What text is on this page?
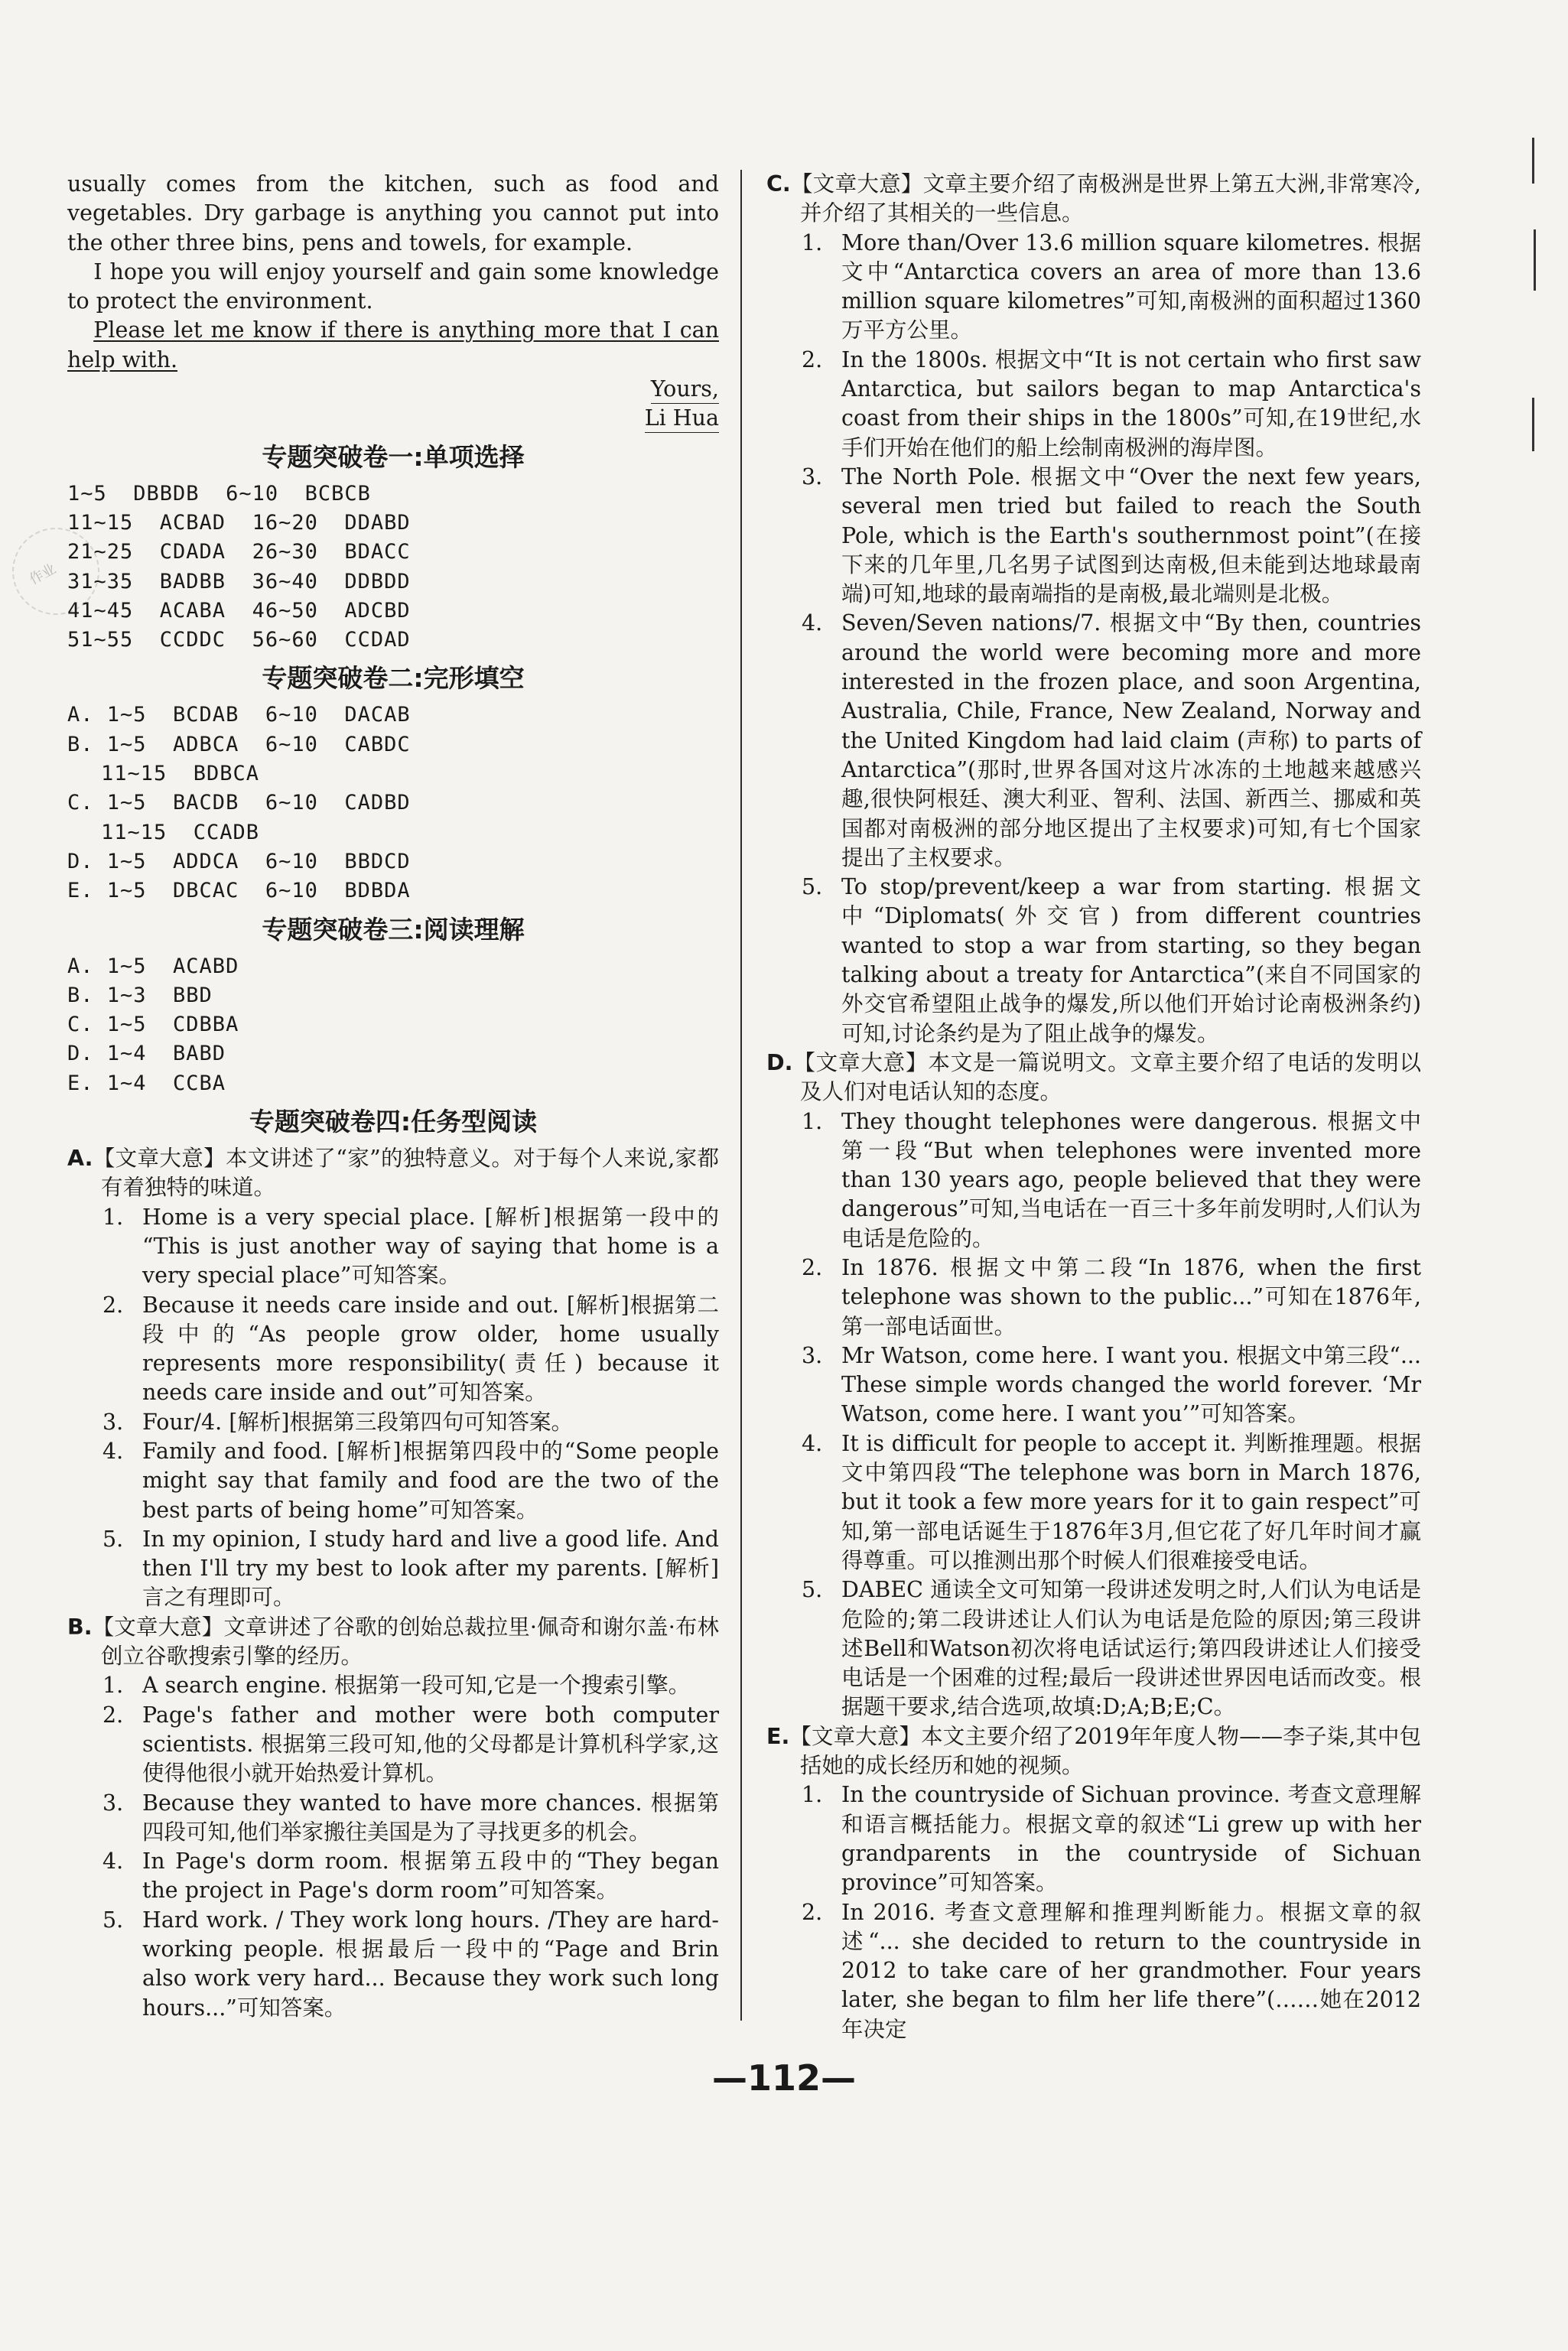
作业

usually comes from the kitchen, such as food and vegetables. Dry garbage is anything you cannot put into the other three bins, pens and towels, for example.

I hope you will enjoy yourself and gain some knowledge to protect the environment.

Please let me know if there is anything more that I can help with.

Yours,
Li Hua
专题突破卷一:单项选择
1~5  DBBDB  6~10  BCBCB
11~15  ACBAD  16~20  DDABD
21~25  CDADA  26~30  BDACC
31~35  BADBB  36~40  DDBDD
41~45  ACABA  46~50  ADCBD
51~55  CCDDC  56~60  CCDAD
专题突破卷二:完形填空
A. 1~5  BCDAB  6~10  DACAB
B. 1~5  ADBCA  6~10  CABDC
11~15  BDBCA
C. 1~5  BACDB  6~10  CADBD
11~15  CCADB
D. 1~5  ADDCA  6~10  BBDCD
E. 1~5  DBCAC  6~10  BDBDA
专题突破卷三:阅读理解
A. 1~5  ACABD
B. 1~3  BBD
C. 1~5  CDBBA
D. 1~4  BABD
E. 1~4  CCBA
专题突破卷四:任务型阅读

A.【文章大意】本文讲述了“家”的独特意义。对于每个人来说,家都有着独特的味道。

1. Home is a very special place. [解析]根据第一段中的 “This is just another way of saying that home is a very special place”可知答案。
2. Because it needs care inside and out. [解析]根据第二段中的“As people grow older, home usually represents more responsibility(责任) because it needs care inside and out”可知答案。
3. Four/4. [解析]根据第三段第四句可知答案。
4. Family and food. [解析]根据第四段中的“Some people might say that family and food are the two of the best parts of being home”可知答案。
5. In my opinion, I study hard and live a good life. And then I'll try my best to look after my parents. [解析]言之有理即可。

B.【文章大意】文章讲述了谷歌的创始总裁拉里·佩奇和谢尔盖·布林创立谷歌搜索引擎的经历。

1. A search engine. 根据第一段可知,它是一个搜索引擎。
2. Page's father and mother were both computer scientists. 根据第三段可知,他的父母都是计算机科学家,这使得他很小就开始热爱计算机。
3. Because they wanted to have more chances. 根据第四段可知,他们举家搬往美国是为了寻找更多的机会。
4. In Page's dorm room. 根据第五段中的“They began the project in Page's dorm room”可知答案。
5. Hard work. / They work long hours. /They are hard-working people. 根据最后一段中的“Page and Brin also work very hard... Because they work such long hours...”可知答案。

C.【文章大意】文章主要介绍了南极洲是世界上第五大洲,非常寒冷,并介绍了其相关的一些信息。

1. More than/Over 13.6 million square kilometres. 根据文中“Antarctica covers an area of more than 13.6 million square kilometres”可知,南极洲的面积超过1360万平方公里。
2. In the 1800s. 根据文中“It is not certain who first saw Antarctica, but sailors began to map Antarctica's coast from their ships in the 1800s”可知,在19世纪,水手们开始在他们的船上绘制南极洲的海岸图。
3. The North Pole. 根据文中“Over the next few years, several men tried but failed to reach the South Pole, which is the Earth's southernmost point”(在接下来的几年里,几名男子试图到达南极,但未能到达地球最南端)可知,地球的最南端指的是南极,最北端则是北极。
4. Seven/Seven nations/7. 根据文中“By then, countries around the world were becoming more and more interested in the frozen place, and soon Argentina, Australia, Chile, France, New Zealand, Norway and the United Kingdom had laid claim (声称) to parts of Antarctica”(那时,世界各国对这片冰冻的土地越来越感兴趣,很快阿根廷、澳大利亚、智利、法国、新西兰、挪威和英国都对南极洲的部分地区提出了主权要求)可知,有七个国家提出了主权要求。
5. To stop/prevent/keep a war from starting. 根据文中“Diplomats(外交官) from different countries wanted to stop a war from starting, so they began talking about a treaty for Antarctica”(来自不同国家的外交官希望阻止战争的爆发,所以他们开始讨论南极洲条约)可知,讨论条约是为了阻止战争的爆发。

D.【文章大意】本文是一篇说明文。文章主要介绍了电话的发明以及人们对电话认知的态度。

1. They thought telephones were dangerous. 根据文中第一段“But when telephones were invented more than 130 years ago, people believed that they were dangerous”可知,当电话在一百三十多年前发明时,人们认为电话是危险的。
2. In 1876. 根据文中第二段“In 1876, when the first telephone was shown to the public...”可知在1876年,第一部电话面世。
3. Mr Watson, come here. I want you. 根据文中第三段“... These simple words changed the world forever. ‘Mr Watson, come here. I want you’”可知答案。
4. It is difficult for people to accept it. 判断推理题。根据文中第四段“The telephone was born in March 1876, but it took a few more years for it to gain respect”可知,第一部电话诞生于1876年3月,但它花了好几年时间才赢得尊重。可以推测出那个时候人们很难接受电话。
5. DABEC 通读全文可知第一段讲述发明之时,人们认为电话是危险的;第二段讲述让人们认为电话是危险的原因;第三段讲述Bell和Watson初次将电话试运行;第四段讲述让人们接受电话是一个困难的过程;最后一段讲述世界因电话而改变。根据题干要求,结合选项,故填:D;A;B;E;C。

E.【文章大意】本文主要介绍了2019年年度人物——李子柒,其中包括她的成长经历和她的视频。

1. In the countryside of Sichuan province. 考查文意理解和语言概括能力。根据文章的叙述“Li grew up with her grandparents in the countryside of Sichuan province”可知答案。
2. In 2016. 考查文意理解和推理判断能力。根据文章的叙述“... she decided to return to the countryside in 2012 to take care of her grandmother. Four years later, she began to film her life there”(……她在2012年决定
—112—
